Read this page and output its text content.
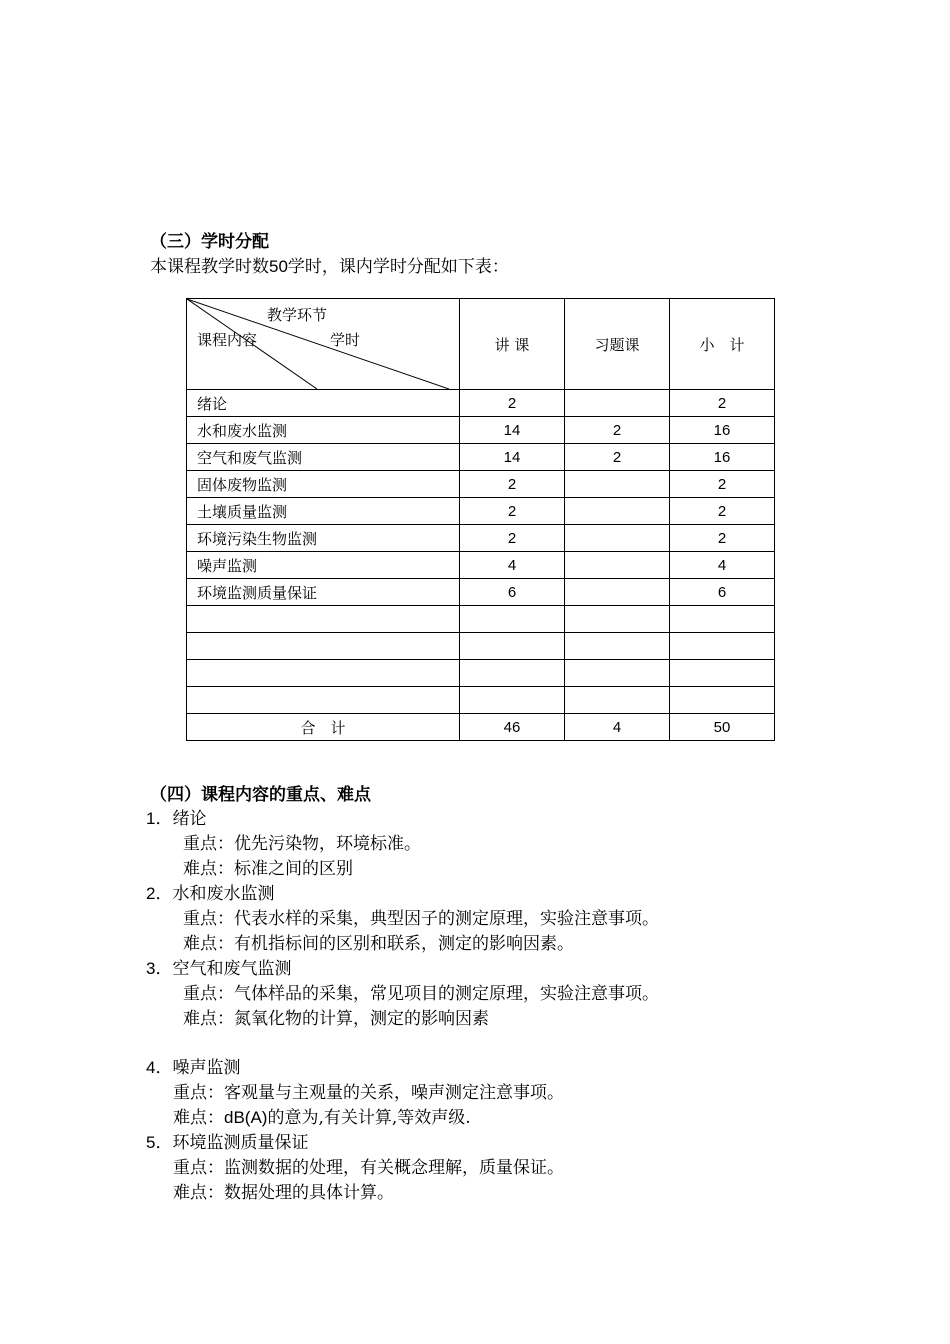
（三）学时分配
本课程教学时数50学时，课内学时分配如下表：
教学环节
课程内容 学时	讲 课	习题课	小　计
绪论	2		2
水和废水监测	14	2	16
空气和废气监测	14	2	16
固体废物监测	2		2
土壤质量监测	2		2
环境污染生物监测	2		2
噪声监测	4		4
环境监测质量保证	6		6

合　计	46	4	50
（四）课程内容的重点、难点
1．绪论
重点：优先污染物，环境标准。
难点：标准之间的区别
2．水和废水监测
重点：代表水样的采集，典型因子的测定原理，实验注意事项。
难点：有机指标间的区别和联系，测定的影响因素。
3．空气和废气监测
重点：气体样品的采集，常见项目的测定原理，实验注意事项。
难点：氮氧化物的计算，测定的影响因素
4．噪声监测
重点：客观量与主观量的关系，噪声测定注意事项。
难点：dB(A)的意为,有关计算,等效声级.
5．环境监测质量保证
重点：监测数据的处理，有关概念理解，质量保证。
难点：数据处理的具体计算。
